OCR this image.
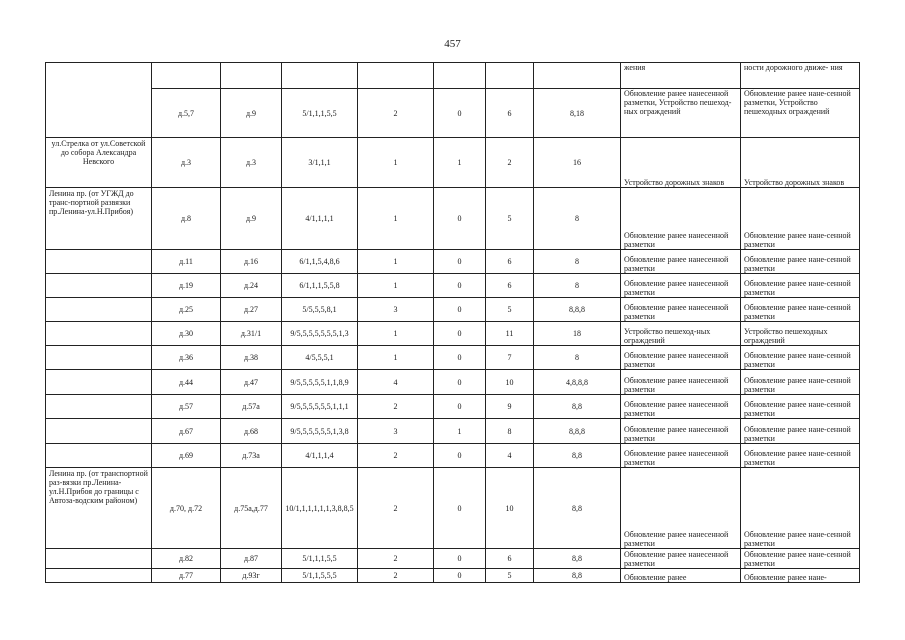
457
								жения	ности дорожного движе- ния
	д.5,7	д.9	5/1,1,1,5,5	2	0	6	8,18	Обновление ранее нанесенной разметки, Устройство пешеход-ных ограждений	Обновление ранее нане-сенной разметки, Устройство пешеходных ограждений
ул.Стрелка от ул.Советской до собора Александра Невского	д.3	д.3	3/1,1,1	1	1	2	16	Устройство дорожных знаков	Устройство дорожных знаков
Ленина пр. (от УГЖД до транс-портной развязки пр.Ленина-ул.Н.Прибоя)	д.8	д.9	4/1,1,1,1	1	0	5	8	Обновление ранее нанесенной разметки	Обновление ранее нане-сенной разметки
	д.11	д.16	6/1,1,5,4,8,6	1	0	6	8	Обновление ранее нанесенной разметки	Обновление ранее нане-сенной разметки
	д.19	д.24	6/1,1,1,5,5,8	1	0	6	8	Обновление ранее нанесенной разметки	Обновление ранее нане-сенной разметки
	д.25	д.27	5/5,5,5,8,1	3	0	5	8,8,8	Обновление ранее нанесенной разметки	Обновление ранее нане-сенной разметки
	д.30	д.31/1	9/5,5,5,5,5,5,5,1,3	1	0	11	18	Устройство пешеход-ных ограждений	Устройство пешеходных ограждений
	д.36	д.38	4/5,5,5,1	1	0	7	8	Обновление ранее нанесенной разметки	Обновление ранее нане-сенной разметки
	д.44	д.47	9/5,5,5,5,5,1,1,8,9	4	0	10	4,8,8,8	Обновление ранее нанесенной разметки	Обновление ранее нане-сенной разметки
	д.57	д.57а	9/5,5,5,5,5,5,1,1,1	2	0	9	8,8	Обновление ранее нанесенной разметки	Обновление ранее нане-сенной разметки
	д.67	д.68	9/5,5,5,5,5,5,1,3,8	3	1	8	8,8,8	Обновление ранее нанесенной разметки	Обновление ранее нане-сенной разметки
	д.69	д.73а	4/1,1,1,4	2	0	4	8,8	Обновление ранее нанесенной разметки	Обновление ранее нане-сенной разметки
Ленина пр. (от транспортной раз-вязки пр.Ленина-ул.Н.Прибоя до границы с Автоза-водским районом)	д.70, д.72	д.75а,д.77	10/1,1,1,1,1,1,3,8,8,5	2	0	10	8,8	Обновление ранее нанесенной разметки	Обновление ранее нане-сенной разметки
	д.82	д.87	5/1,1,1,5,5	2	0	6	8,8	Обновление ранее нанесенной разметки	Обновление ранее нане-сенной разметки
	д.77	д.93г	5/1,1,5,5,5	2	0	5	8,8	Обновление ранее	Обновление ранее нане-
